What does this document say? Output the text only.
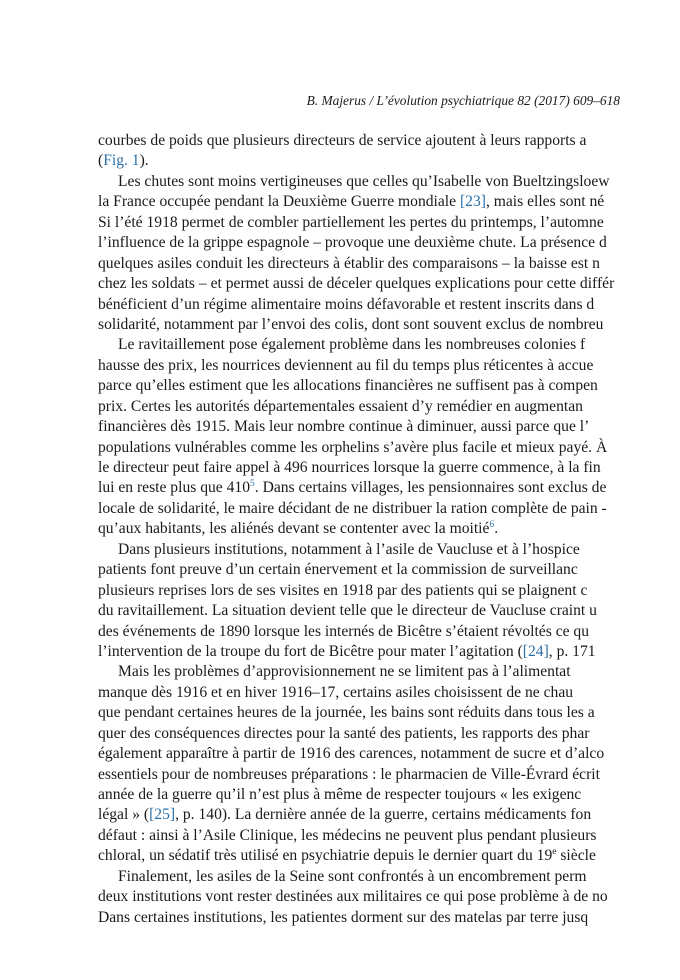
B. Majerus / L’évolution psychiatrique 82 (2017) 609–618
courbes de poids que plusieurs directeurs de service ajoutent à leurs rapports a
(Fig. 1).
Les chutes sont moins vertigineuses que celles qu’Isabelle von Bueltzingsloew
la France occupée pendant la Deuxième Guerre mondiale [23], mais elles sont né
Si l’été 1918 permet de combler partiellement les pertes du printemps, l’automne
l’influence de la grippe espagnole – provoque une deuxième chute. La présence d
quelques asiles conduit les directeurs à établir des comparaisons – la baisse est n
chez les soldats – et permet aussi de déceler quelques explications pour cette différ
bénéficient d’un régime alimentaire moins défavorable et restent inscrits dans d
solidarité, notamment par l’envoi des colis, dont sont souvent exclus de nombreu
Le ravitaillement pose également problème dans les nombreuses colonies f
hausse des prix, les nourrices deviennent au fil du temps plus réticentes à accue
parce qu’elles estiment que les allocations financières ne suffisent pas à compen
prix. Certes les autorités départementales essaient d’y remédier en augmentan
financières dès 1915. Mais leur nombre continue à diminuer, aussi parce que l’
populations vulnérables comme les orphelins s’avère plus facile et mieux payé. À
le directeur peut faire appel à 496 nourrices lorsque la guerre commence, à la fin
lui en reste plus que 410$^5$. Dans certains villages, les pensionnaires sont exclus de
locale de solidarité, le maire décidant de ne distribuer la ration complète de pain -
qu’aux habitants, les aliénés devant se contenter avec la moitié$^6$.
Dans plusieurs institutions, notamment à l’asile de Vaucluse et à l’hospice
patients font preuve d’un certain énervement et la commission de surveillanc
plusieurs reprises lors de ses visites en 1918 par des patients qui se plaignent c
du ravitaillement. La situation devient telle que le directeur de Vaucluse craint u
des événements de 1890 lorsque les internés de Bicêtre s’étaient révoltés ce qu
l’intervention de la troupe du fort de Bicêtre pour mater l’agitation ([24], p. 171
Mais les problèmes d’approvisionnement ne se limitent pas à l’alimentat
manque dès 1916 et en hiver 1916–17, certains asiles choisissent de ne chau
que pendant certaines heures de la journée, les bains sont réduits dans tous les a
quer des conséquences directes pour la santé des patients, les rapports des phar
également apparaître à partir de 1916 des carences, notamment de sucre et d’alco
essentiels pour de nombreuses préparations : le pharmacien de Ville-Évrard écrit
année de la guerre qu’il n’est plus à même de respecter toujours « les exigenc
légal » ([25], p. 140). La dernière année de la guerre, certains médicaments fon
défaut : ainsi à l’Asile Clinique, les médecins ne peuvent plus pendant plusieurs
chloral, un sédatif très utilisé en psychiatrie depuis le dernier quart du 19e siècle
Finalement, les asiles de la Seine sont confrontés à un encombrement perm
deux institutions vont rester destinées aux militaires ce qui pose problème à de no
Dans certaines institutions, les patientes dorment sur des matelas par terre jusq
